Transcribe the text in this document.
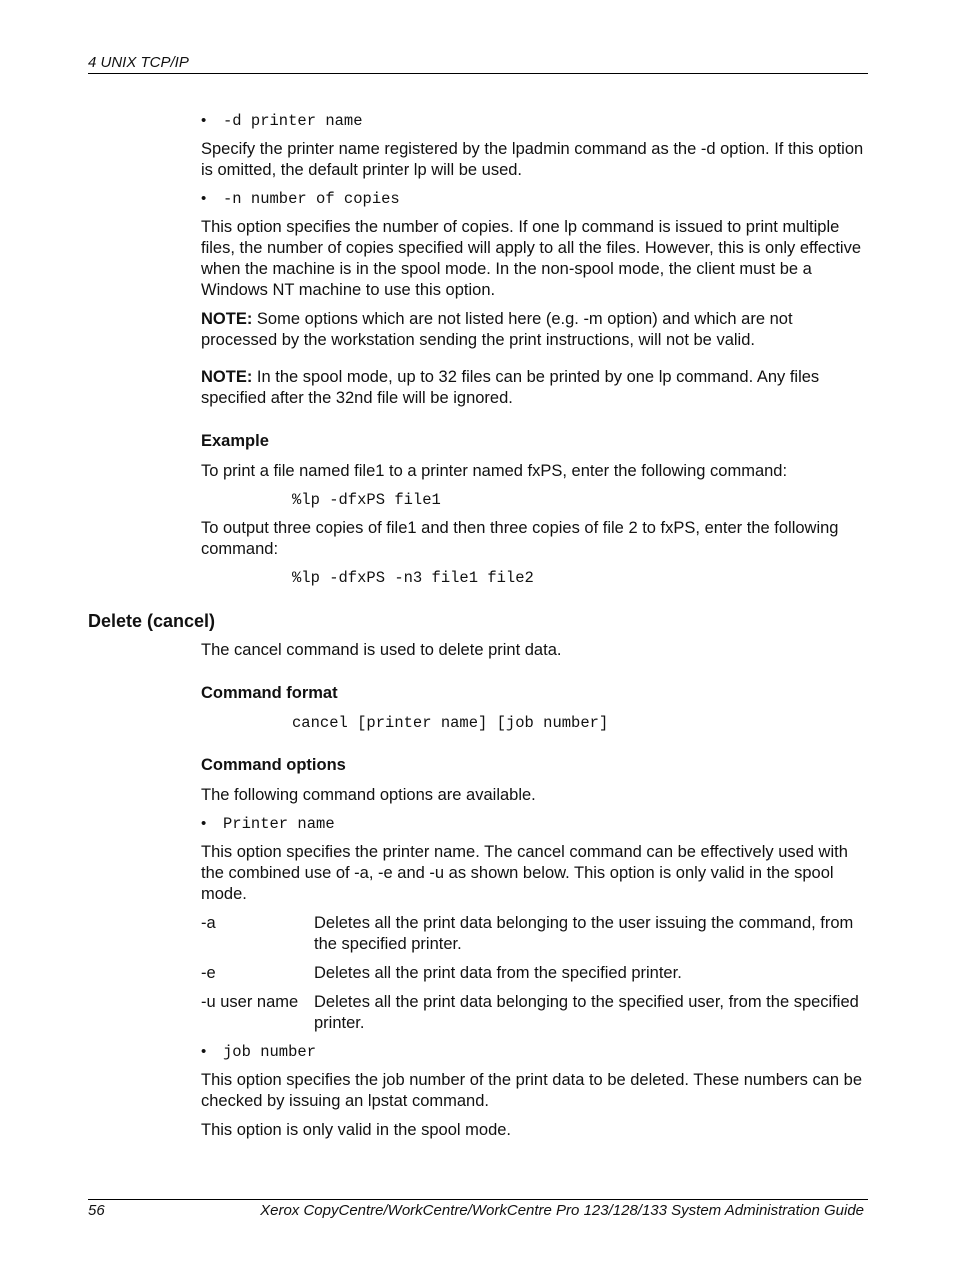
4 UNIX TCP/IP
•	-d printer name

Specify the printer name registered by the lpadmin command as the -d option. If this option is omitted, the default printer lp will be used.

•	-n number of copies

This option specifies the number of copies. If one lp command is issued to print multiple files, the number of copies specified will apply to all the files. However, this is only effective when the machine is in the spool mode. In the non-spool mode, the client must be a Windows NT machine to use this option.

NOTE: Some options which are not listed here (e.g. -m option) and which are not processed by the workstation sending the print instructions, will not be valid.

NOTE: In the spool mode, up to 32 files can be printed by one lp command. Any files specified after the 32nd file will be ignored.

Example

To print a file named file1 to a printer named fxPS, enter the following command:

%lp -dfxPS file1

To output three copies of file1 and then three copies of file 2 to fxPS, enter the following command:

%lp -dfxPS -n3 file1 file2
Delete (cancel)

The cancel command is used to delete print data.

Command format
cancel [printer name] [job number]
Command options

The following command options are available.

•	Printer name

This option specifies the printer name. The cancel command can be effectively used with the combined use of -a, -e and -u as shown below. This option is only valid in the spool mode.

-a	Deletes all the print data belonging to the user issuing the command, from the specified printer.
-e	Deletes all the print data from the specified printer.
-u user name Deletes all the print data belonging to the specified user, from the specified printer.
•	job number

This option specifies the job number of the print data to be deleted. These numbers can be checked by issuing an lpstat command.

This option is only valid in the spool mode.

56	Xerox CopyCentre/WorkCentre/WorkCentre Pro 123/128/133 System Administration Guide
